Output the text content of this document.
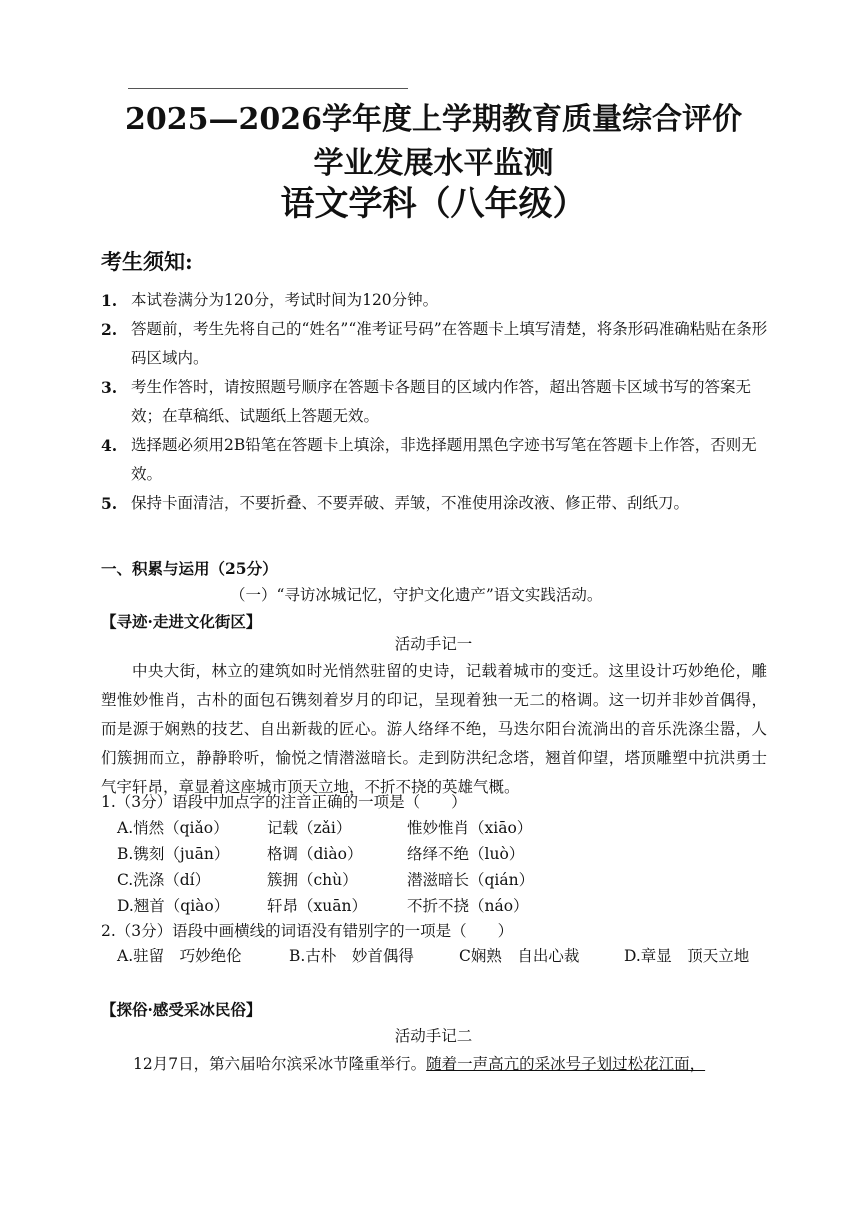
2025—2026学年度上学期教育质量综合评价
学业发展水平监测
语文学科（八年级）
考生须知:
1. 本试卷满分为120分，考试时间为120分钟。
2. 答题前，考生先将自己的“姓名”“准考证号码”在答题卡上填写清楚，将条形码准确粘贴在条形码区域内。
3. 考生作答时，请按照题号顺序在答题卡各题目的区域内作答，超出答题卡区域书写的答案无效；在草稿纸、试题纸上答题无效。
4. 选择题必须用2B铅笔在答题卡上填涂，非选择题用黑色字迹书写笔在答题卡上作答，否则无效。
5. 保持卡面清洁，不要折叠、不要弄破、弄皱，不准使用涂改液、修正带、刮纸刀。
一、积累与运用（25分）
（一）“寻访冰城记忆，守护文化遗产”语文实践活动。
【寻迹·走进文化街区】
活动手记一
中央大街，林立的建筑如时光悄然驻留的史诗，记载着城市的变迁。这里设计巧妙绝伦，雕塑惟妙惟肖，古朴的面包石镌刻着岁月的印记，呈现着独一无二的格调。这一切并非妙首偶得，而是源于娴熟的技艺、自出新裁的匠心。游人络绎不绝，马迭尔阳台流淌出的音乐洗涤尘嚣，人们簇拥而立，静静聆听，愉悦之情潜滋暗长。走到防洪纪念塔，翘首仰望，塔顶雕塑中抗洪勇士气宇轩昂，章显着这座城市顶天立地，不折不挠的英雄气概。
1.（3分）语段中加点字的注音正确的一项是（　　）
A.悄然（qiǎo）	记载（zǎi）	惟妙惟肖（xiāo）
B.镌刻（juān）	格调（diào）	络绎不绝（luò）
C.洗涤（dí）	簇拥（chù）	潜滋暗长（qián）
D.翘首（qiào）	轩昂（xuān）	不折不挠（náo）
2.（3分）语段中画横线的词语没有错别字的一项是（　　）
A.驻留　巧妙绝伦	B.古朴　妙首偶得	C娴熟　自出心裁	D.章显　顶天立地
【探俗·感受采冰民俗】
活动手记二
12月7日，第六届哈尔滨采冰节隆重举行。随着一声高亢的采冰号子划过松花江面，
